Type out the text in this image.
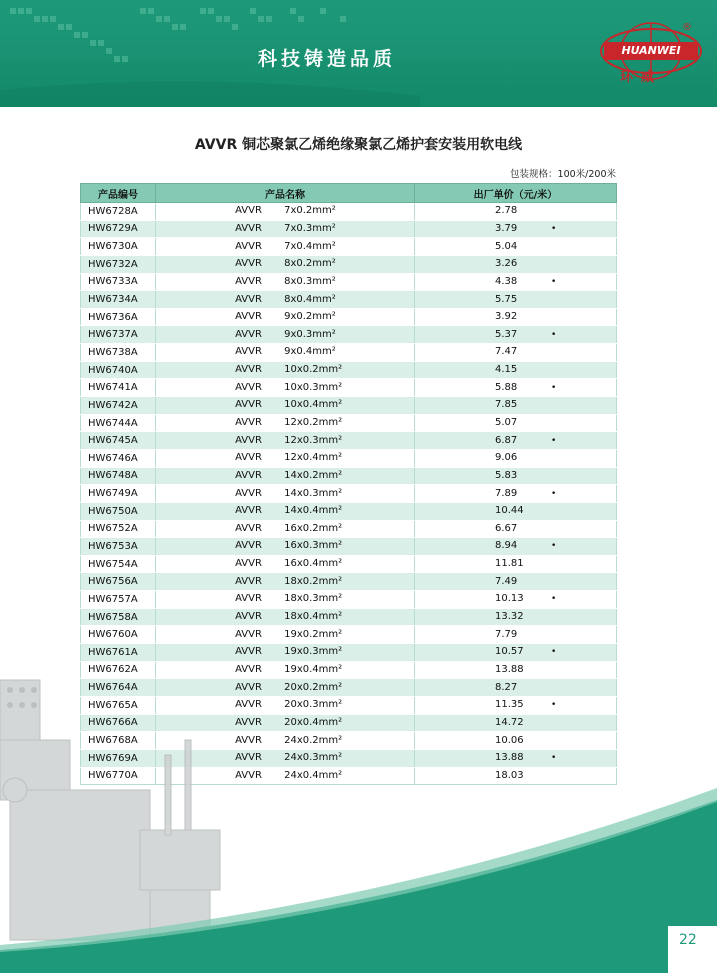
科技铸造品质
®
HUANWEI
环威
AVVR 铜芯聚氯乙烯绝缘聚氯乙烯护套安装用软电线
包装规格：100米/200米
产品编号	产品名称	出厂单价（元/米）
HW6728A	AVVR 7x0.2mm²	2.78

HW6729A	AVVR 7x0.3mm²	3.79 •

HW6730A	AVVR 7x0.4mm²	5.04

HW6732A	AVVR 8x0.2mm²	3.26

HW6733A	AVVR 8x0.3mm²	4.38 •

HW6734A	AVVR 8x0.4mm²	5.75

HW6736A	AVVR 9x0.2mm²	3.92

HW6737A	AVVR 9x0.3mm²	5.37 •

HW6738A	AVVR 9x0.4mm²	7.47

HW6740A	AVVR 10x0.2mm²	4.15

HW6741A	AVVR 10x0.3mm²	5.88 •

HW6742A	AVVR 10x0.4mm²	7.85

HW6744A	AVVR 12x0.2mm²	5.07

HW6745A	AVVR 12x0.3mm²	6.87 •

HW6746A	AVVR 12x0.4mm²	9.06

HW6748A	AVVR 14x0.2mm²	5.83

HW6749A	AVVR 14x0.3mm²	7.89 •

HW6750A	AVVR 14x0.4mm²	10.44

HW6752A	AVVR 16x0.2mm²	6.67

HW6753A	AVVR 16x0.3mm²	8.94 •

HW6754A	AVVR 16x0.4mm²	11.81

HW6756A	AVVR 18x0.2mm²	7.49

HW6757A	AVVR 18x0.3mm²	10.13 •

HW6758A	AVVR 18x0.4mm²	13.32

HW6760A	AVVR 19x0.2mm²	7.79

HW6761A	AVVR 19x0.3mm²	10.57 •

HW6762A	AVVR 19x0.4mm²	13.88

HW6764A	AVVR 20x0.2mm²	8.27

HW6765A	AVVR 20x0.3mm²	11.35 •

HW6766A	AVVR 20x0.4mm²	14.72

HW6768A	AVVR 24x0.2mm²	10.06

HW6769A	AVVR 24x0.3mm²	13.88 •

HW6770A	AVVR 24x0.4mm²	18.03
22
